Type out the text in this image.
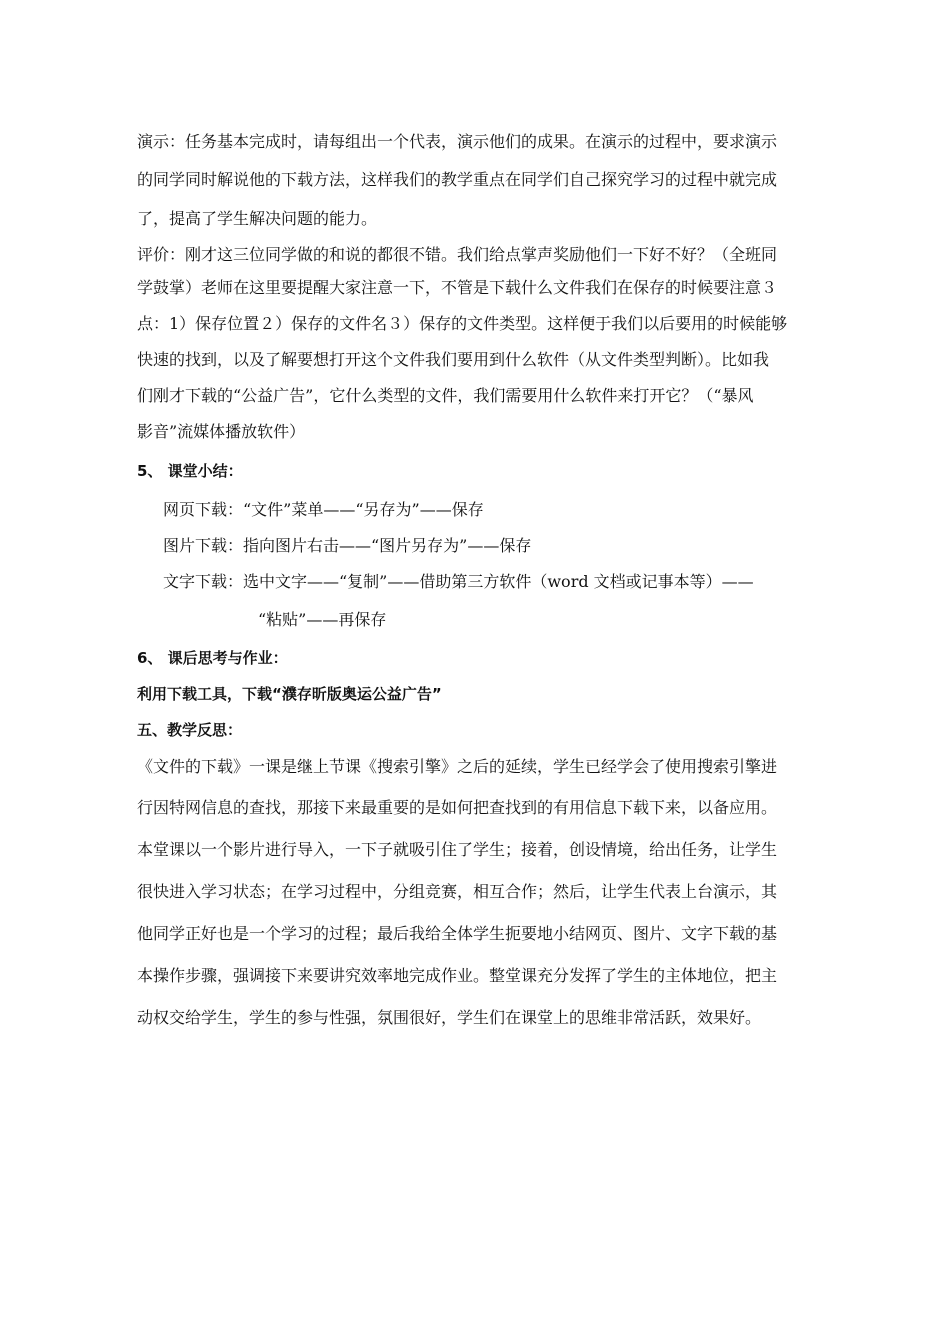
演示：任务基本完成时，请每组出一个代表，演示他们的成果。在演示的过程中，要求演示

的同学同时解说他的下载方法，这样我们的教学重点在同学们自己探究学习的过程中就完成

了，提高了学生解决问题的能力。

评价：刚才这三位同学做的和说的都很不错。我们给点掌声奖励他们一下好不好？（全班同

学鼓掌）老师在这里要提醒大家注意一下，不管是下载什么文件我们在保存的时候要注意３

点：1）保存位置２）保存的文件名３）保存的文件类型。这样便于我们以后要用的时候能够

快速的找到，以及了解要想打开这个文件我们要用到什么软件（从文件类型判断）。比如我

们刚才下载的“公益广告”，它什么类型的文件，我们需要用什么软件来打开它？（“暴风

影音”流媒体播放软件）

5、 课堂小结：

网页下载：“文件”菜单——“另存为”——保存

图片下载：指向图片右击——“图片另存为”——保存

文字下载：选中文字——“复制”——借助第三方软件（word 文档或记事本等）——

“粘贴”——再保存

6、 课后思考与作业：

利用下载工具，下载“濮存昕版奥运公益广告”

五、教学反思：

《文件的下载》一课是继上节课《搜索引擎》之后的延续，学生已经学会了使用搜索引擎进

行因特网信息的查找，那接下来最重要的是如何把查找到的有用信息下载下来，以备应用。

本堂课以一个影片进行导入，一下子就吸引住了学生；接着，创设情境，给出任务，让学生

很快进入学习状态；在学习过程中，分组竞赛，相互合作；然后，让学生代表上台演示，其

他同学正好也是一个学习的过程；最后我给全体学生扼要地小结网页、图片、文字下载的基

本操作步骤，强调接下来要讲究效率地完成作业。整堂课充分发挥了学生的主体地位，把主

动权交给学生，学生的参与性强，氛围很好，学生们在课堂上的思维非常活跃，效果好。
